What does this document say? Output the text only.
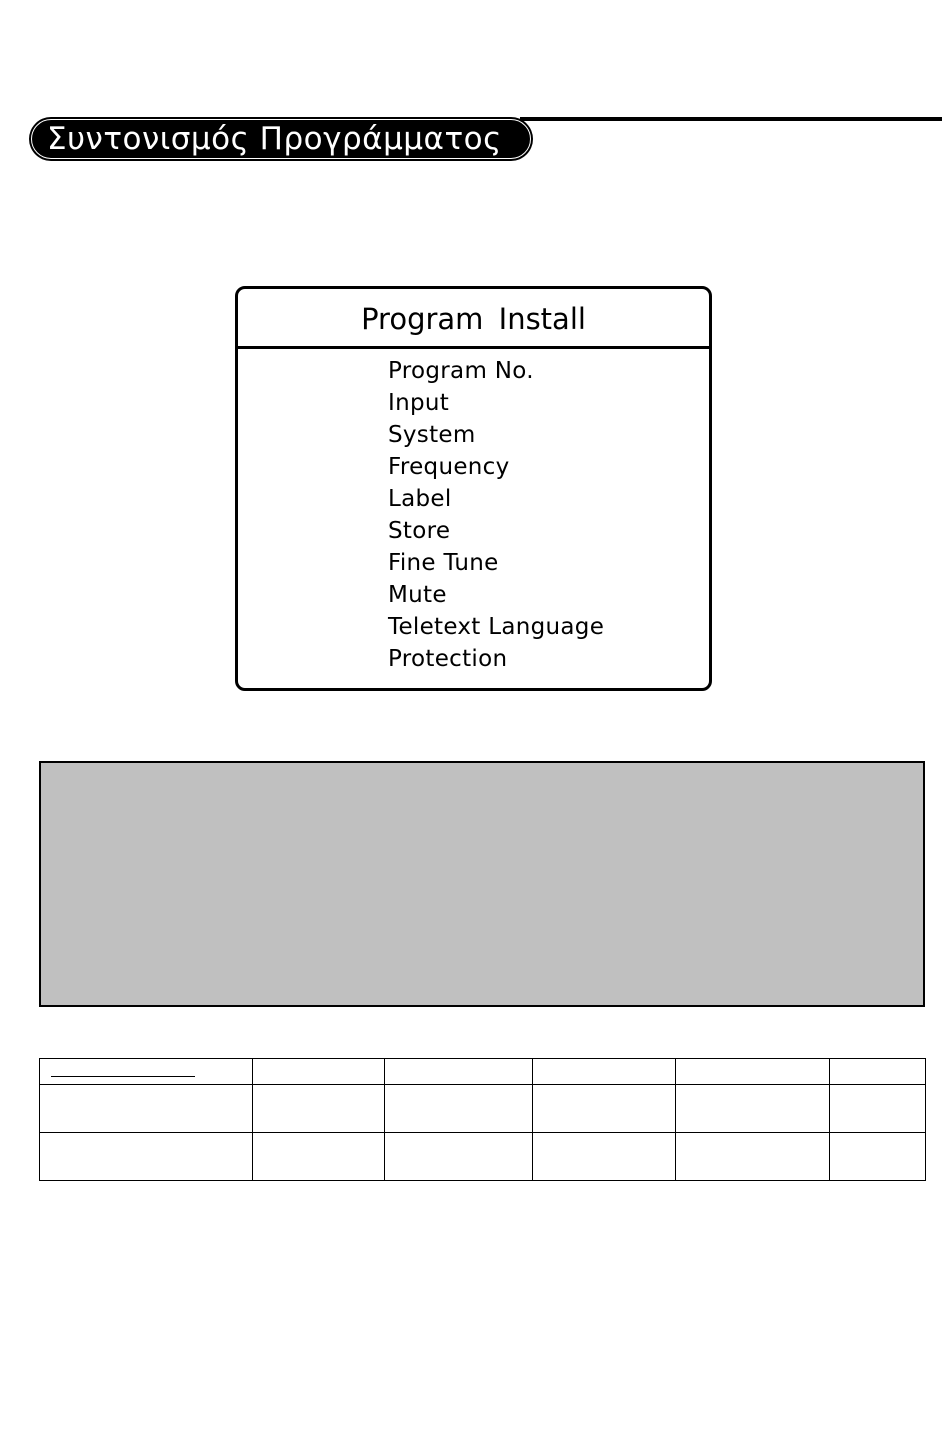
Συντονισμός Προγράμματος
Program Install
Program No.
Input
System
Frequency
Label
Store
Fine Tune
Mute
Teletext Language
Protection
